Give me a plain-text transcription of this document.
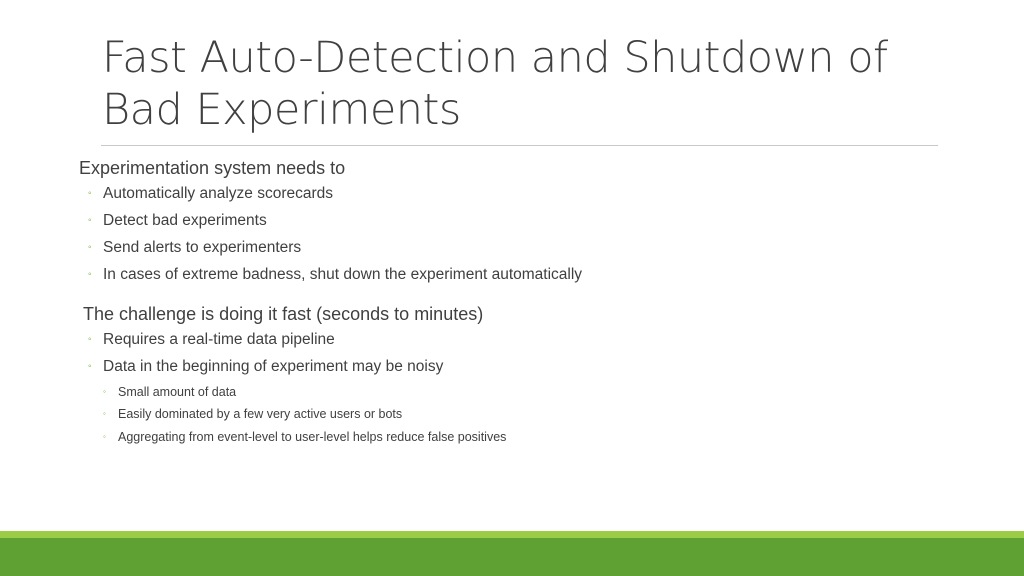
Fast Auto-Detection and Shutdown of
Bad Experiments

Experimentation system needs to

◦ Automatically analyze scorecards
◦ Detect bad experiments
◦ Send alerts to experimenters
◦ In cases of extreme badness, shut down the experiment automatically

The challenge is doing it fast (seconds to minutes)

◦ Requires a real-time data pipeline
◦ Data in the beginning of experiment may be noisy
◦ Small amount of data
◦ Easily dominated by a few very active users or bots
◦ Aggregating from event-level to user-level helps reduce false positives
